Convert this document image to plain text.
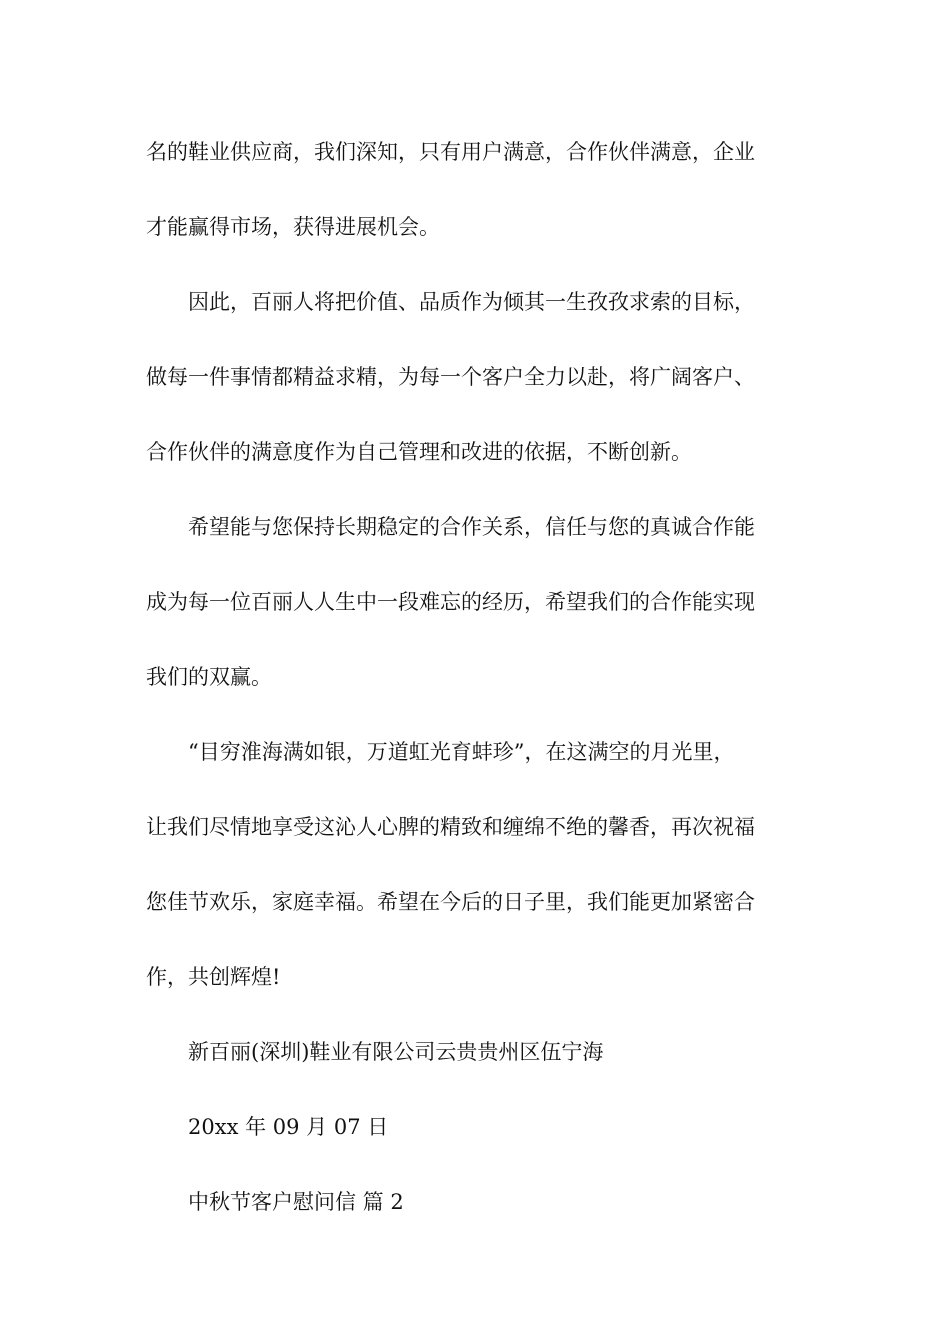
名的鞋业供应商，我们深知，只有用户满意，合作伙伴满意，企业
才能赢得市场，获得进展机会。
因此，百丽人将把价值、品质作为倾其一生孜孜求索的目标，
做每一件事情都精益求精，为每一个客户全力以赴，将广阔客户、
合作伙伴的满意度作为自己管理和改进的依据，不断创新。
希望能与您保持长期稳定的合作关系，信任与您的真诚合作能
成为每一位百丽人人生中一段难忘的经历，希望我们的合作能实现
我们的双赢。
“目穷淮海满如银，万道虹光育蚌珍”，在这满空的月光里，
让我们尽情地享受这沁人心脾的精致和缠绵不绝的馨香，再次祝福
您佳节欢乐，家庭幸福。希望在今后的日子里，我们能更加紧密合
作，共创辉煌!
新百丽(深圳)鞋业有限公司云贵贵州区伍宁海
20xx 年 09 月 07 日
中秋节客户慰问信 篇 2
